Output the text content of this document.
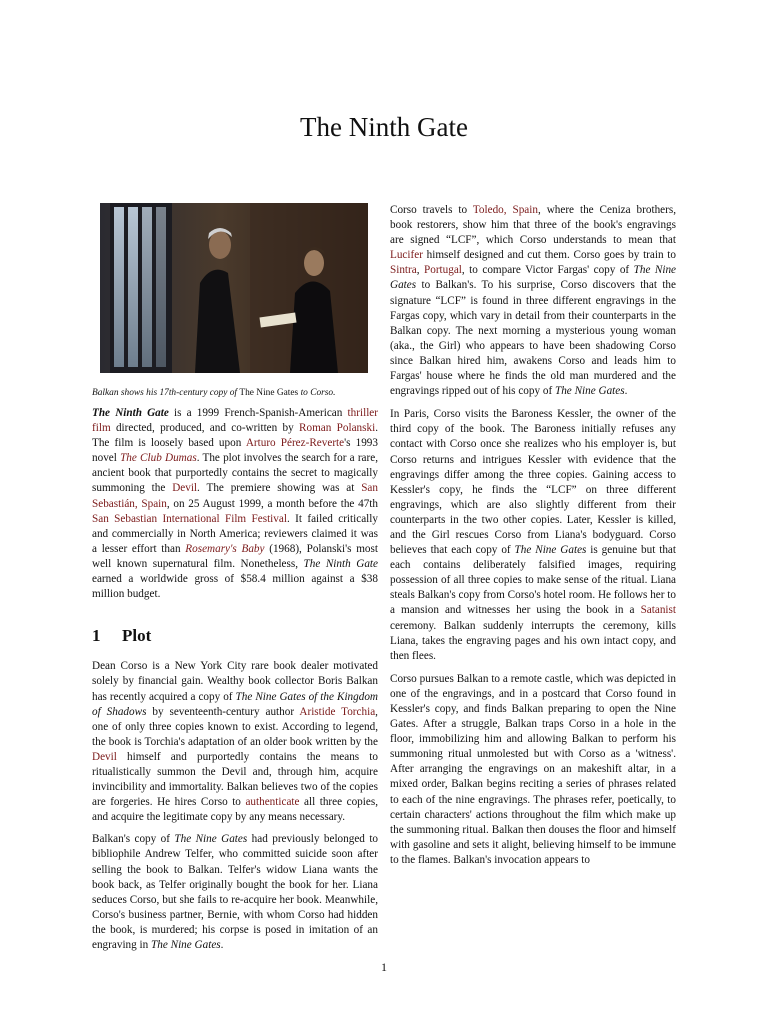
The Ninth Gate

Balkan shows his 17th-century copy of The Nine Gates to Corso.

The Ninth Gate is a 1999 French-Spanish-American thriller film directed, produced, and co-written by Roman Polanski. The film is loosely based upon Arturo Pérez-Reverte's 1993 novel The Club Dumas. The plot involves the search for a rare, ancient book that purportedly contains the secret to magically summoning the Devil. The premiere showing was at San Sebastián, Spain, on 25 August 1999, a month before the 47th San Sebastian International Film Festival. It failed critically and commercially in North America; reviewers claimed it was a lesser effort than Rosemary's Baby (1968), Polanski's most well known supernatural film. Nonetheless, The Ninth Gate earned a worldwide gross of $58.4 million against a $38 million budget.

1 Plot

Dean Corso is a New York City rare book dealer motivated solely by financial gain. Wealthy book collector Boris Balkan has recently acquired a copy of The Nine Gates of the Kingdom of Shadows by seventeenth-century author Aristide Torchia, one of only three copies known to exist. According to legend, the book is Torchia's adaptation of an older book written by the Devil himself and purportedly contains the means to ritualistically summon the Devil and, through him, acquire invincibility and immortality. Balkan believes two of the copies are forgeries. He hires Corso to authenticate all three copies, and acquire the legitimate copy by any means necessary.

Balkan's copy of The Nine Gates had previously belonged to bibliophile Andrew Telfer, who committed suicide soon after selling the book to Balkan. Telfer's widow Liana wants the book back, as Telfer originally bought the book for her. Liana seduces Corso, but she fails to re-acquire her book. Meanwhile, Corso's business partner, Bernie, with whom Corso had hidden the book, is murdered; his corpse is posed in imitation of an engraving in The Nine Gates.

Corso travels to Toledo, Spain, where the Ceniza brothers, book restorers, show him that three of the book's engravings are signed “LCF”, which Corso understands to mean that Lucifer himself designed and cut them. Corso goes by train to Sintra, Portugal, to compare Victor Fargas' copy of The Nine Gates to Balkan's. To his surprise, Corso discovers that the signature “LCF” is found in three different engravings in the Fargas copy, which vary in detail from their counterparts in the Balkan copy. The next morning a mysterious young woman (aka., the Girl) who appears to have been shadowing Corso since Balkan hired him, awakens Corso and leads him to Fargas' house where he finds the old man murdered and the engravings ripped out of his copy of The Nine Gates.

In Paris, Corso visits the Baroness Kessler, the owner of the third copy of the book. The Baroness initially refuses any contact with Corso once she realizes who his employer is, but Corso returns and intrigues Kessler with evidence that the engravings differ among the three copies. Gaining access to Kessler's copy, he finds the “LCF” on three different engravings, which are also slightly different from their counterparts in the two other copies. Later, Kessler is killed, and the Girl rescues Corso from Liana's bodyguard. Corso believes that each copy of The Nine Gates is genuine but that each contains deliberately falsified images, requiring possession of all three copies to make sense of the ritual. Liana steals Balkan's copy from Corso's hotel room. He follows her to a mansion and witnesses her using the book in a Satanist ceremony. Balkan suddenly interrupts the ceremony, kills Liana, takes the engraving pages and his own intact copy, and then flees.

Corso pursues Balkan to a remote castle, which was depicted in one of the engravings, and in a postcard that Corso found in Kessler's copy, and finds Balkan preparing to open the Nine Gates. After a struggle, Balkan traps Corso in a hole in the floor, immobilizing him and allowing Balkan to perform his summoning ritual unmolested but with Corso as a 'witness'. After arranging the engravings on an makeshift altar, in a mixed order, Balkan begins reciting a series of phrases related to each of the nine engravings. The phrases refer, poetically, to certain characters' actions throughout the film which make up the summoning ritual. Balkan then douses the floor and himself with gasoline and sets it alight, believing himself to be immune to the flames. Balkan's invocation appears to

1
